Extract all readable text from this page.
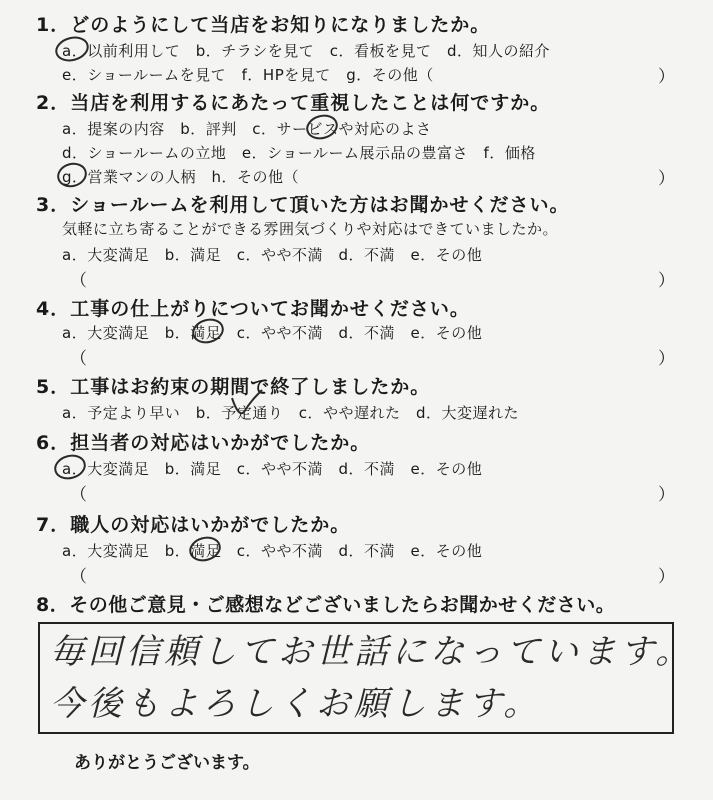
1．どのようにして当店をお知りになりましたか。
a．以前利用して　b．チラシを見て　c．看板を見て　d．知人の紹介
e．ショールームを見て　f．HPを見て　g．その他（	）
2．当店を利用するにあたって重視したことは何ですか。
a．提案の内容　b．評判　c．サービスや対応のよさ
d．ショールームの立地　e．ショールーム展示品の豊富さ　f．価格
g．営業マンの人柄　h．その他（	）
3．ショールームを利用して頂いた方はお聞かせください。
気軽に立ち寄ることができる雰囲気づくりや対応はできていましたか。
a．大変満足　b．満足　c．やや不満　d．不満　e．その他
（	）
4．工事の仕上がりについてお聞かせください。
a．大変満足　b．満足　c．やや不満　d．不満　e．その他
（	）
5．工事はお約束の期間で終了しましたか。
a．予定より早い　b．予定通り　c．やや遅れた　d．大変遅れた
6．担当者の対応はいかがでしたか。
a．大変満足　b．満足　c．やや不満　d．不満　e．その他
（	）
7．職人の対応はいかがでしたか。
a．大変満足　b．満足　c．やや不満　d．不満　e．その他
（	）
8．その他ご意見・ご感想などございましたらお聞かせください。
毎回信頼してお世話になっています。
今後もよろしくお願します。
ありがとうございます。
